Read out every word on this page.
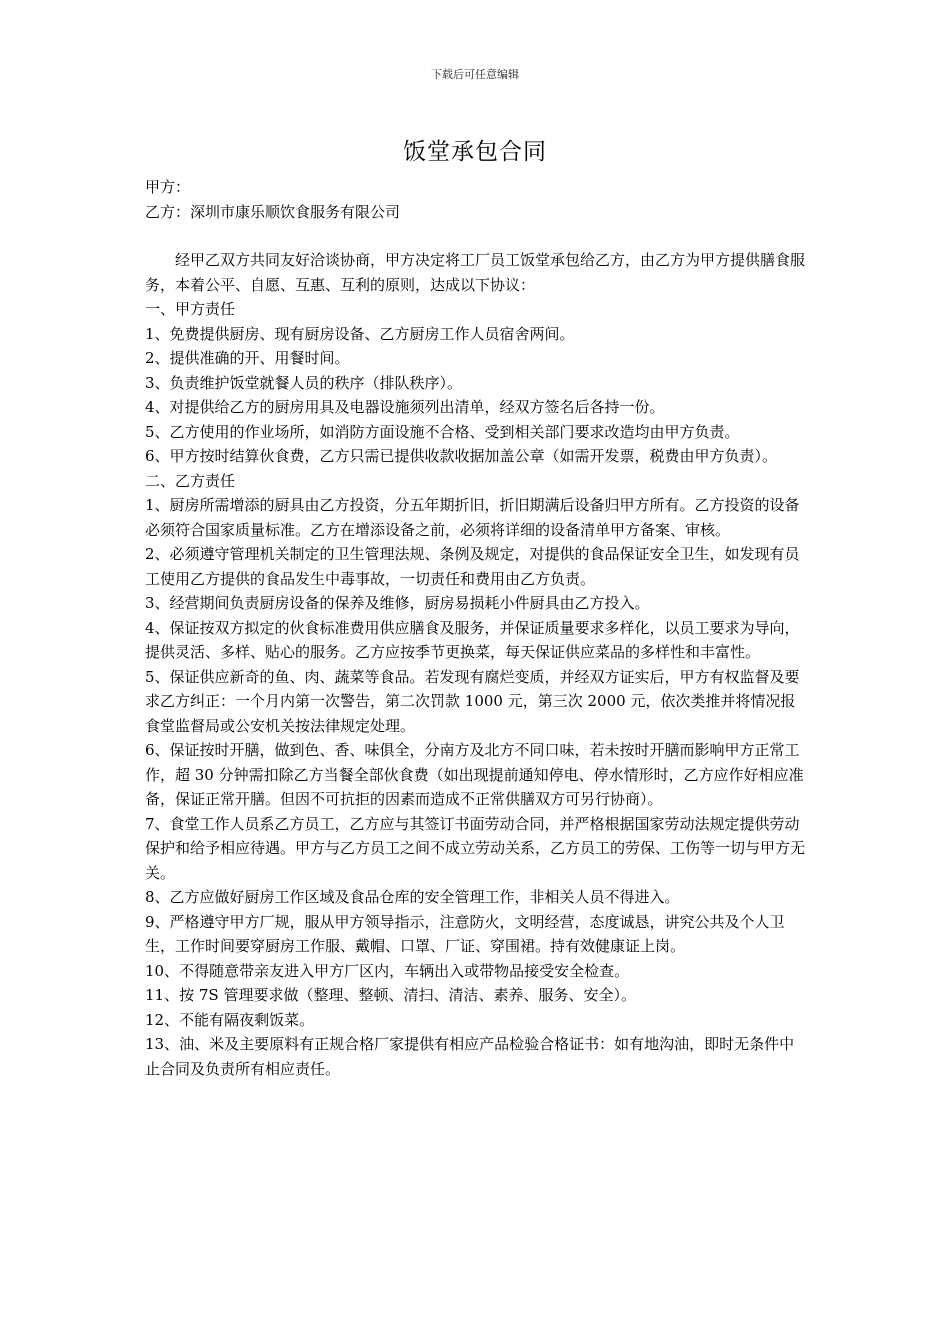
下载后可任意编辑
饭堂承包合同

甲方：

乙方：深圳市康乐顺饮食服务有限公司

经甲乙双方共同友好洽谈协商，甲方决定将工厂员工饭堂承包给乙方，由乙方为甲方提供膳食服务，本着公平、自愿、互惠、互利的原则，达成以下协议：

一、甲方责任

1、免费提供厨房、现有厨房设备、乙方厨房工作人员宿舍两间。

2、提供准确的开、用餐时间。

3、负责维护饭堂就餐人员的秩序（排队秩序）。

4、对提供给乙方的厨房用具及电器设施须列出清单，经双方签名后各持一份。

5、乙方使用的作业场所，如消防方面设施不合格、受到相关部门要求改造均由甲方负责。

6、甲方按时结算伙食费，乙方只需已提供收款收据加盖公章（如需开发票，税费由甲方负责）。

二、乙方责任

1、厨房所需增添的厨具由乙方投资，分五年期折旧，折旧期满后设备归甲方所有。乙方投资的设备必须符合国家质量标准。乙方在增添设备之前，必须将详细的设备清单甲方备案、审核。

2、必须遵守管理机关制定的卫生管理法规、条例及规定，对提供的食品保证安全卫生，如发现有员工使用乙方提供的食品发生中毒事故，一切责任和费用由乙方负责。

3、经营期间负责厨房设备的保养及维修，厨房易损耗小件厨具由乙方投入。

4、保证按双方拟定的伙食标准费用供应膳食及服务，并保证质量要求多样化，以员工要求为导向，提供灵活、多样、贴心的服务。乙方应按季节更换菜，每天保证供应菜品的多样性和丰富性。

5、保证供应新奇的鱼、肉、蔬菜等食品。若发现有腐烂变质，并经双方证实后，甲方有权监督及要求乙方纠正：一个月内第一次警告，第二次罚款 1000 元，第三次 2000 元，依次类推并将情况报食堂监督局或公安机关按法律规定处理。

6、保证按时开膳，做到色、香、味俱全，分南方及北方不同口味，若未按时开膳而影响甲方正常工作，超 30 分钟需扣除乙方当餐全部伙食费（如出现提前通知停电、停水情形时，乙方应作好相应准备，保证正常开膳。但因不可抗拒的因素而造成不正常供膳双方可另行协商）。

7、食堂工作人员系乙方员工，乙方应与其签订书面劳动合同，并严格根据国家劳动法规定提供劳动保护和给予相应待遇。甲方与乙方员工之间不成立劳动关系，乙方员工的劳保、工伤等一切与甲方无关。

8、乙方应做好厨房工作区域及食品仓库的安全管理工作，非相关人员不得进入。

9、严格遵守甲方厂规，服从甲方领导指示，注意防火，文明经营，态度诚恳，讲究公共及个人卫生，工作时间要穿厨房工作服、戴帽、口罩、厂证、穿围裙。持有效健康证上岗。

10、不得随意带亲友进入甲方厂区内，车辆出入或带物品接受安全检查。

11、按 7S 管理要求做（整理、整顿、清扫、清洁、素养、服务、安全）。

12、不能有隔夜剩饭菜。

13、油、米及主要原料有正规合格厂家提供有相应产品检验合格证书：如有地沟油，即时无条件中止合同及负责所有相应责任。
